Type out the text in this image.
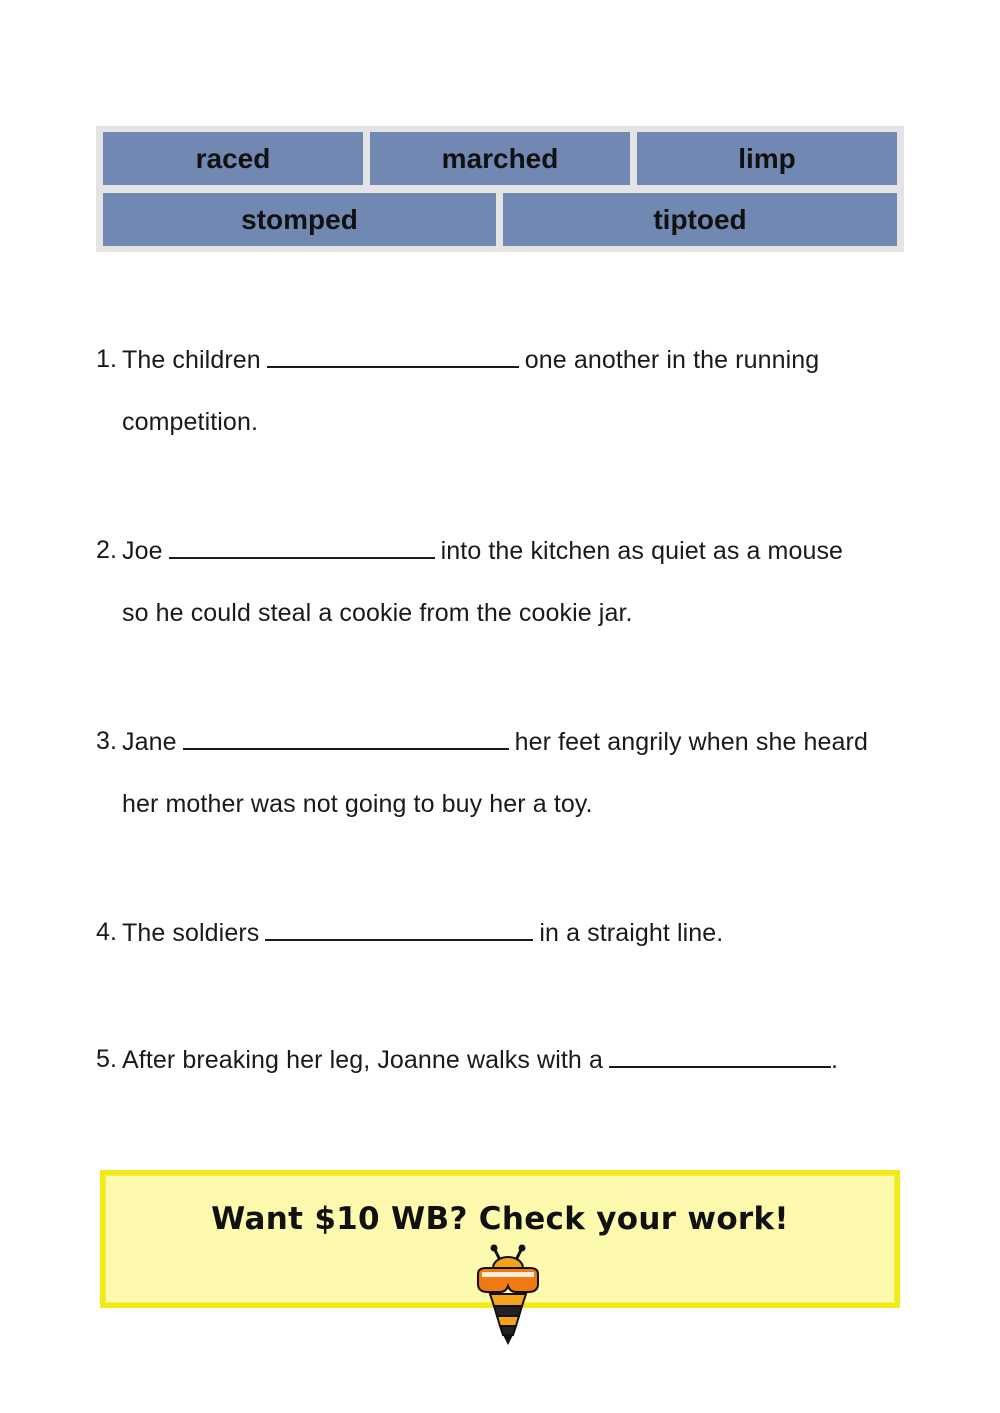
raced	marched	limp
stomped	tiptoed
1. The children	one another in the running
competition.
2. Joe	into the kitchen as quiet as a mouse
so he could steal a cookie from the cookie jar.
3. Jane	her feet angrily when she heard
her mother was not going to buy her a toy.
4. The soldiers	in a straight line.
5. After breaking her leg, Joanne walks with a	.
Want $10 WB? Check your work!
